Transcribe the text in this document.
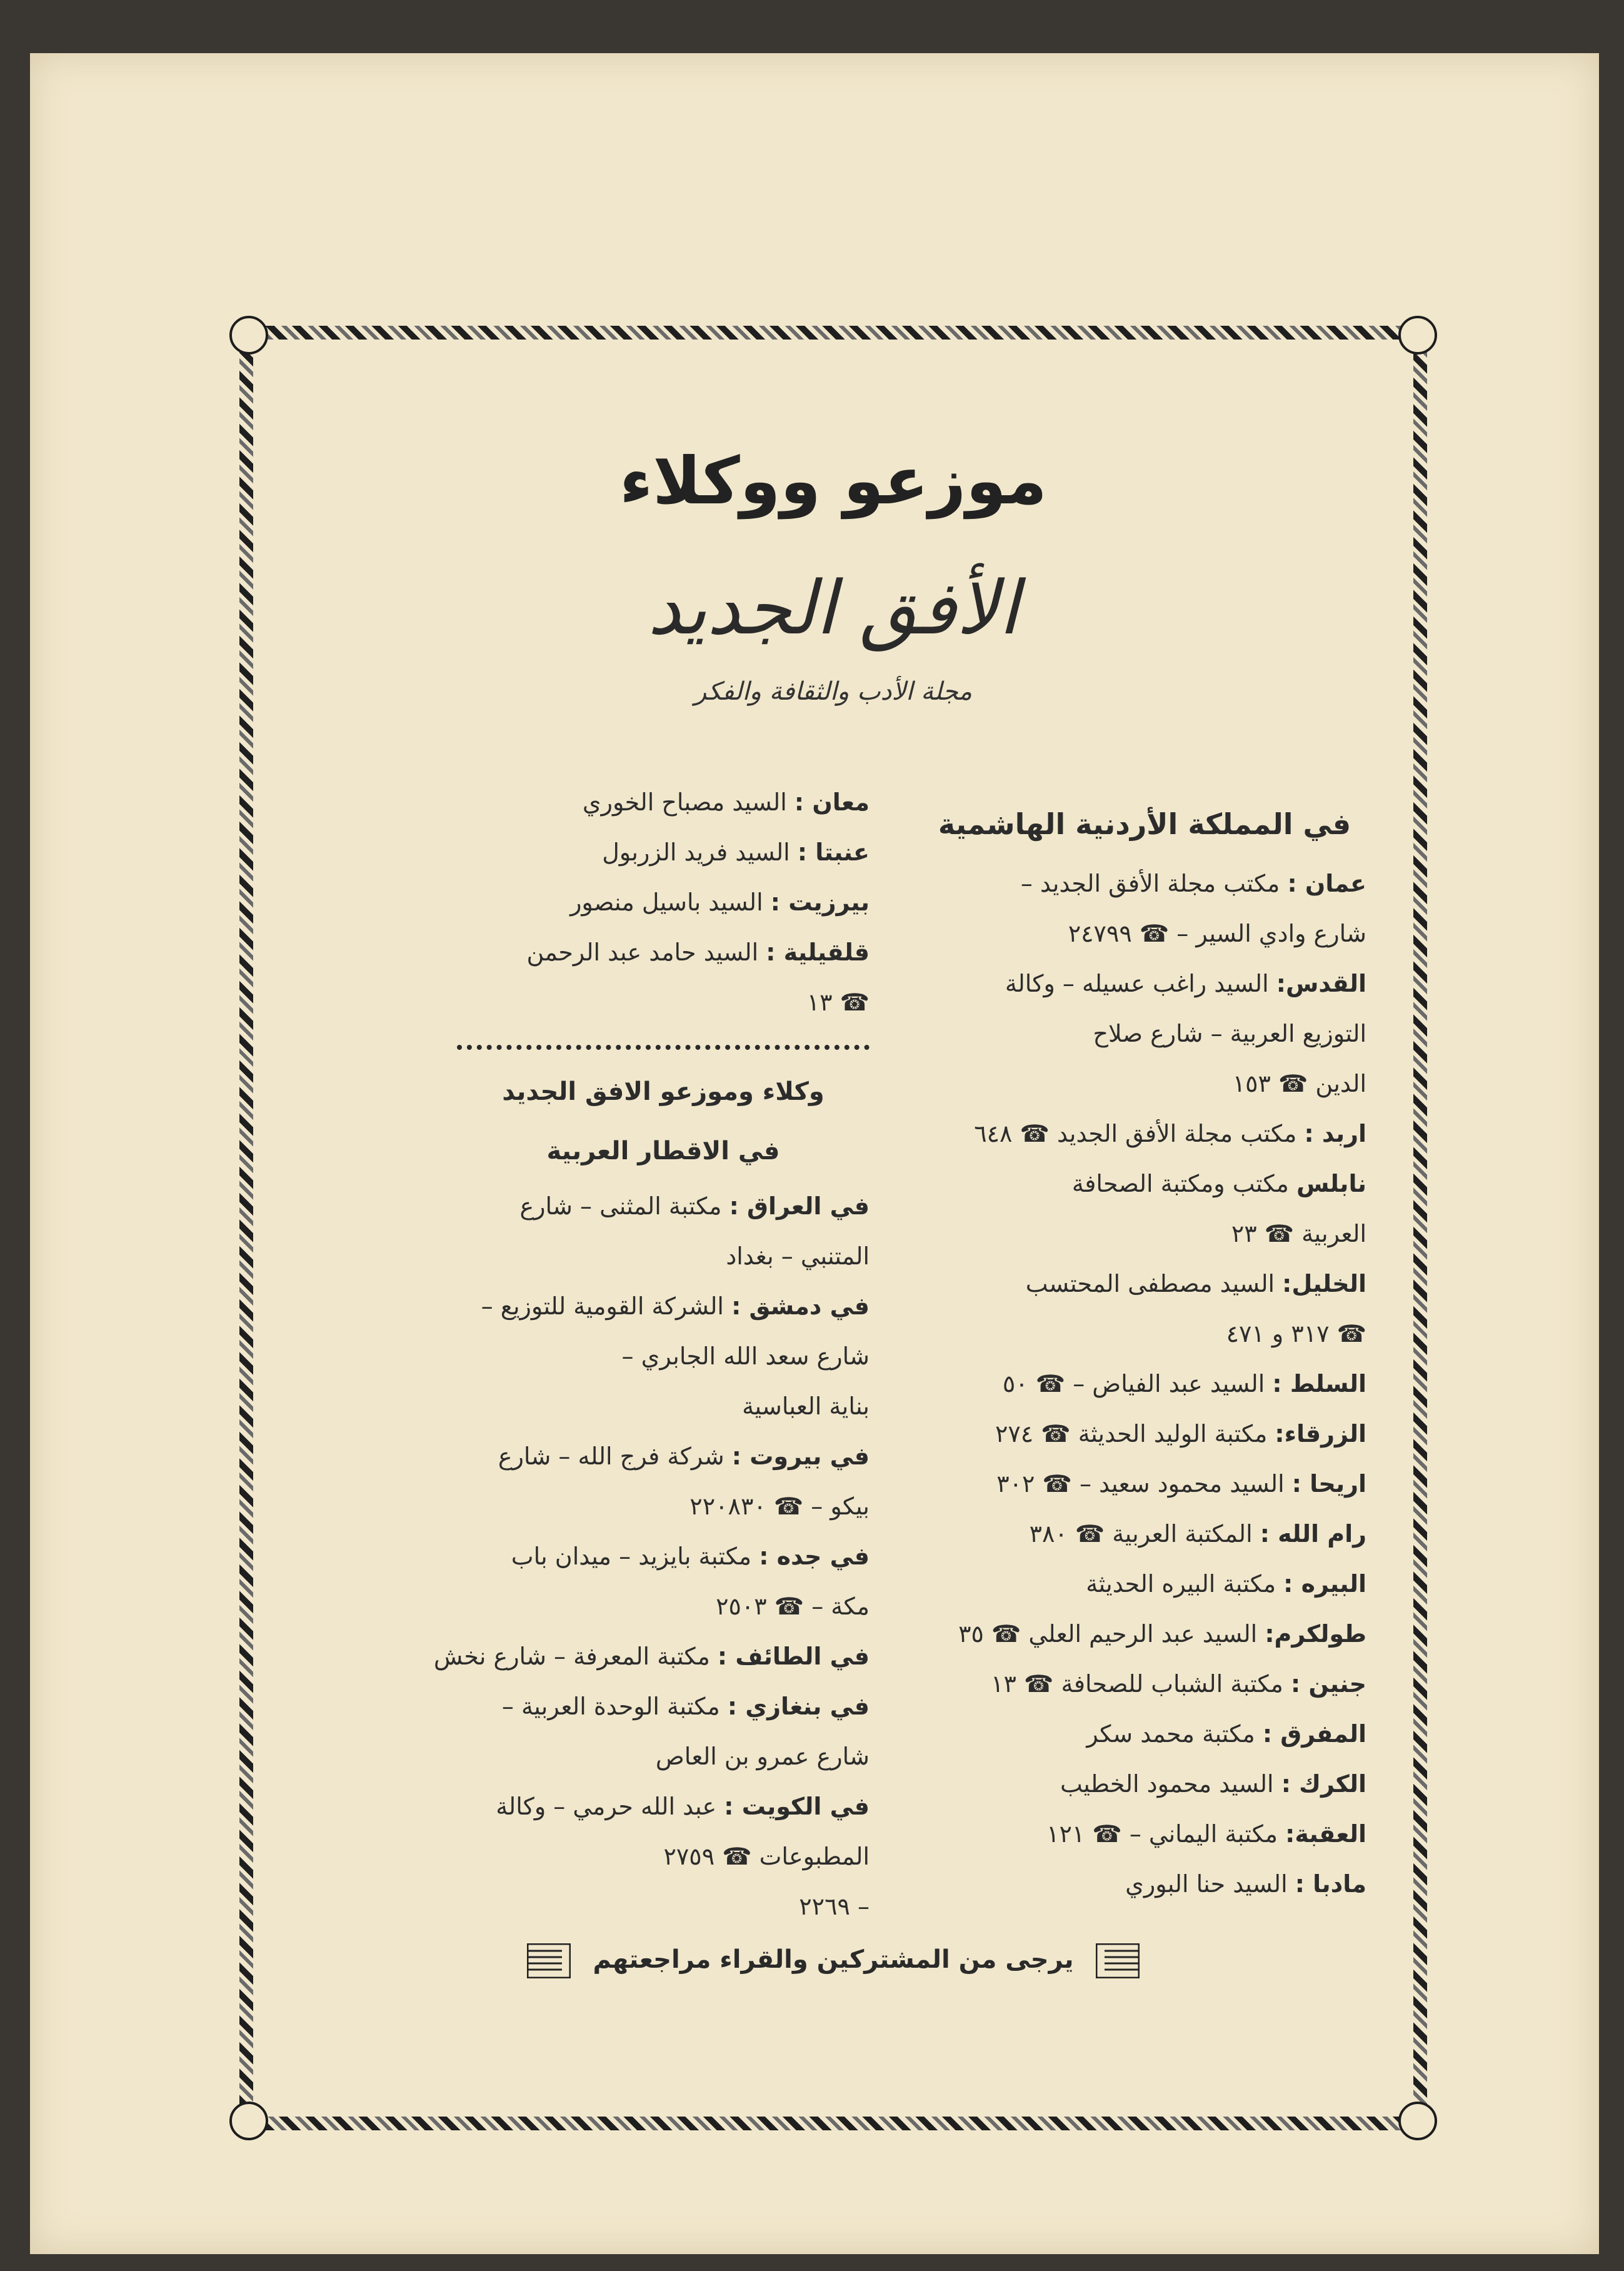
موزعو ووكلاء
الأفق الجديد
مجلة الأدب والثقافة والفكر
في المملكة الأردنية الهاشمية
عمان : مكتب مجلة الأفق الجديد –
شارع وادي السير – ☎ ٢٤٧٩٩
القدس: السيد راغب عسيله – وكالة
التوزيع العربية – شارع صلاح
الدين ☎ ١٥٣
اربد : مكتب مجلة الأفق الجديد ☎ ٦٤٨
نابلس مكتب ومكتبة الصحافة
العربية ☎ ٢٣
الخليل: السيد مصطفى المحتسب
☎ ٣١٧ و ٤٧١
السلط : السيد عبد الفياض – ☎ ٥٠
الزرقاء: مكتبة الوليد الحديثة ☎ ٢٧٤
اريحا : السيد محمود سعيد – ☎ ٣٠٢
رام الله : المكتبة العربية ☎ ٣٨٠
البيره : مكتبة البيره الحديثة
طولكرم: السيد عبد الرحيم العلي ☎ ٣٥
جنين : مكتبة الشباب للصحافة ☎ ١٣
المفرق : مكتبة محمد سكر
الكرك : السيد محمود الخطيب
العقبة: مكتبة اليماني – ☎ ١٢١
مادبا : السيد حنا البوري
معان : السيد مصباح الخوري
عنبتا : السيد فريد الزربول
بيرزيت : السيد باسيل منصور
قلقيلية : السيد حامد عبد الرحمن
☎ ١٣
وكلاء وموزعو الافق الجديد
في الاقطار العربية
في العراق : مكتبة المثنى – شارع
المتنبي – بغداد
في دمشق : الشركة القومية للتوزيع –
شارع سعد الله الجابري –
بناية العباسية
في بيروت : شركة فرج الله – شارع
بيكو – ☎ ٢٢٠٨٣٠
في جده : مكتبة بايزيد – ميدان باب
مكة – ☎ ٢٥٠٣
في الطائف : مكتبة المعرفة – شارع نخش
في بنغازي : مكتبة الوحدة العربية –
شارع عمرو بن العاص
في الكويت : عبد الله حرمي – وكالة
المطبوعات ☎ ٢٧٥٩
– ٢٢٦٩
يرجى من المشتركين والقراء مراجعتهم
